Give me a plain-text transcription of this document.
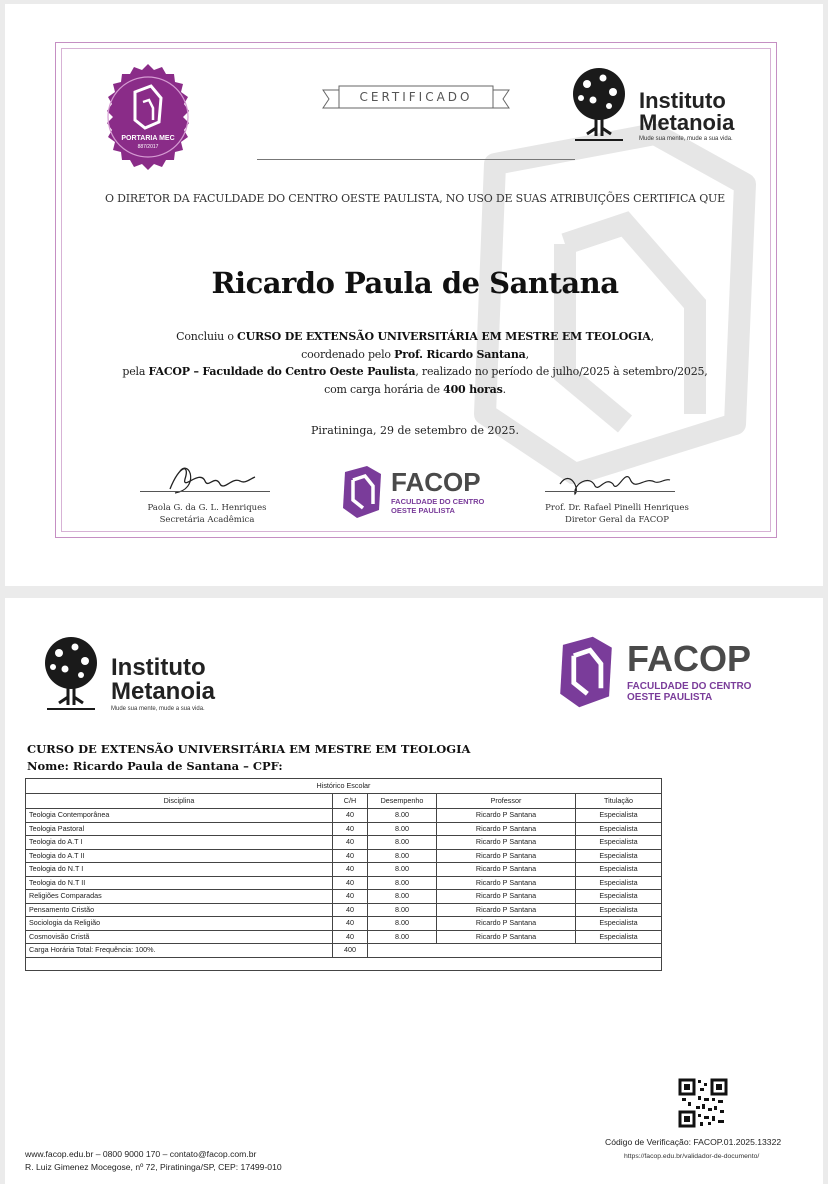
PORTARIA MEC
887/2017
CERTIFICADO	Instituto
Metanoia
Mude sua mente, mude a sua vida.
O DIRETOR DA FACULDADE DO CENTRO OESTE PAULISTA, NO USO DE SUAS ATRIBUIÇÕES CERTIFICA QUE
Ricardo Paula de Santana
Concluiu o CURSO DE EXTENSÃO UNIVERSITÁRIA EM MESTRE EM TEOLOGIA,
coordenado pelo Prof. Ricardo Santana,
pela FACOP – Faculdade do Centro Oeste Paulista, realizado no período de julho/2025 à setembro/2025,
com carga horária de 400 horas.
Piratininga, 29 de setembro de 2025.
Paola G. da G. L. Henriques
Secretária Acadêmica
FACOP
FACULDADE DO CENTRO
OESTE PAULISTA	Prof. Dr. Rafael Pinelli Henriques
Diretor Geral da FACOP
Instituto
Metanoia
Mude sua mente, mude a sua vida.
FACOP
FACULDADE DO CENTRO
OESTE PAULISTA
CURSO DE EXTENSÃO UNIVERSITÁRIA EM MESTRE EM TEOLOGIA
Nome: Ricardo Paula de Santana – CPF:
Histórico Escolar				
Disciplina	C/H	Desempenho	Professor	Titulação
Teologia Contemporânea	40	8.00	Ricardo P Santana	Especialista
Teologia Pastoral	40	8.00	Ricardo P Santana	Especialista
Teologia do A.T I	40	8.00	Ricardo P Santana	Especialista
Teologia do A.T II	40	8.00	Ricardo P Santana	Especialista
Teologia do N.T I	40	8.00	Ricardo P Santana	Especialista
Teologia do N.T II	40	8.00	Ricardo P Santana	Especialista
Religiões Comparadas	40	8.00	Ricardo P Santana	Especialista
Pensamento Cristão	40	8.00	Ricardo P Santana	Especialista
Sociologia da Religião	40	8.00	Ricardo P Santana	Especialista
Cosmovisão Cristã	40	8.00	Ricardo P Santana	Especialista
Carga Horária Total: Frequência: 100%.	400			

Código de Verificação: FACOP.01.2025.13322
https://facop.edu.br/validador-de-documento/
www.facop.edu.br – 0800 9000 170 – contato@facop.com.br
R. Luiz Gimenez Mocegose, nº 72, Piratininga/SP, CEP: 17499-010
